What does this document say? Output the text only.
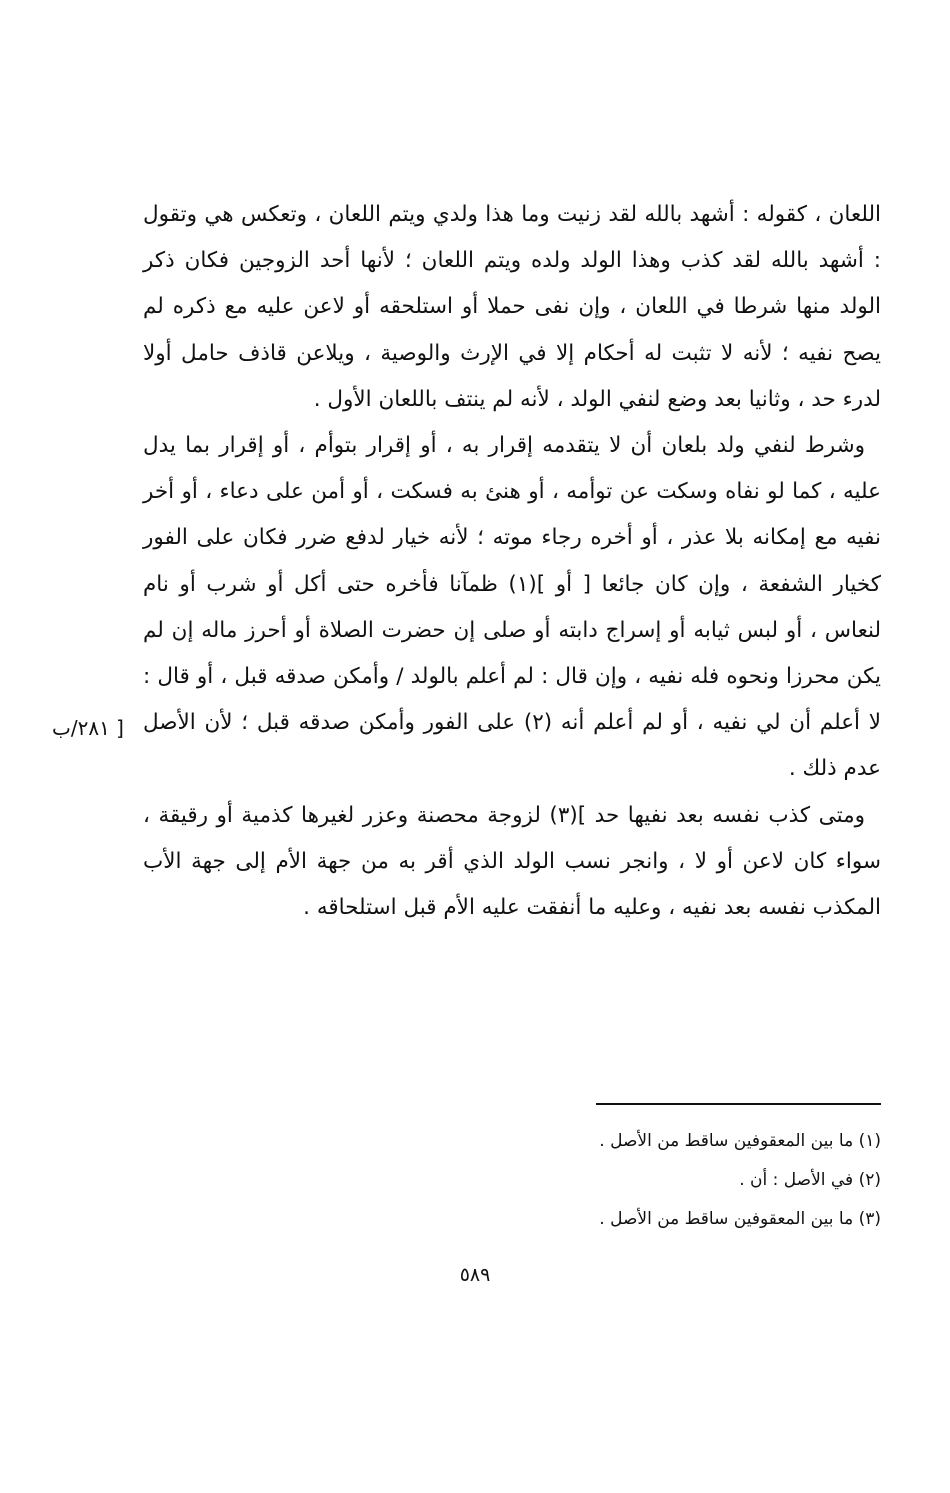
اللعان ، كقوله : أشهد بالله لقد زنيت وما هذا ولدي ويتم اللعان ، وتعكس هي وتقول : أشهد بالله لقد كذب وهذا الولد ولده ويتم اللعان ؛ لأنها أحد الزوجين فكان ذكر الولد منها شرطا في اللعان ، وإن نفى حملا أو استلحقه أو لاعن عليه مع ذكره لم يصح نفيه ؛ لأنه لا تثبت له أحكام إلا في الإرث والوصية ، ويلاعن قاذف حامل أولا لدرء حد ، وثانيا بعد وضع لنفي الولد ، لأنه لم ينتف باللعان الأول .

وشرط لنفي ولد بلعان أن لا يتقدمه إقرار به ، أو إقرار بتوأم ، أو إقرار بما يدل عليه ، كما لو نفاه وسكت عن توأمه ، أو هنئ به فسكت ، أو أمن على دعاء ، أو أخر نفيه مع إمكانه بلا عذر ، أو أخره رجاء موته ؛ لأنه خيار لدفع ضرر فكان على الفور كخيار الشفعة ، وإن كان جائعا [ أو ](١) ظمآنا فأخره حتى أكل أو شرب أو نام لنعاس ، أو لبس ثيابه أو إسراج دابته أو صلى إن حضرت الصلاة أو أحرز ماله إن لم يكن محرزا ونحوه فله نفيه ، وإن قال : لم أعلم بالولد / وأمكن صدقه قبل ، أو قال : لا أعلم أن لي نفيه ، أو لم أعلم أنه (٢) على الفور وأمكن صدقه قبل ؛ لأن الأصل عدم ذلك .

ومتى كذب نفسه بعد نفيها حد ](٣) لزوجة محصنة وعزر لغيرها كذمية أو رقيقة ، سواء كان لاعن أو لا ، وانجر نسب الولد الذي أقر به من جهة الأم إلى جهة الأب المكذب نفسه بعد نفيه ، وعليه ما أنفقت عليه الأم قبل استلحاقه .

[ ٢٨١/ب

(١) ما بين المعقوفين ساقط من الأصل .

(٢) في الأصل : أن .

(٣) ما بين المعقوفين ساقط من الأصل .

٥٨٩
